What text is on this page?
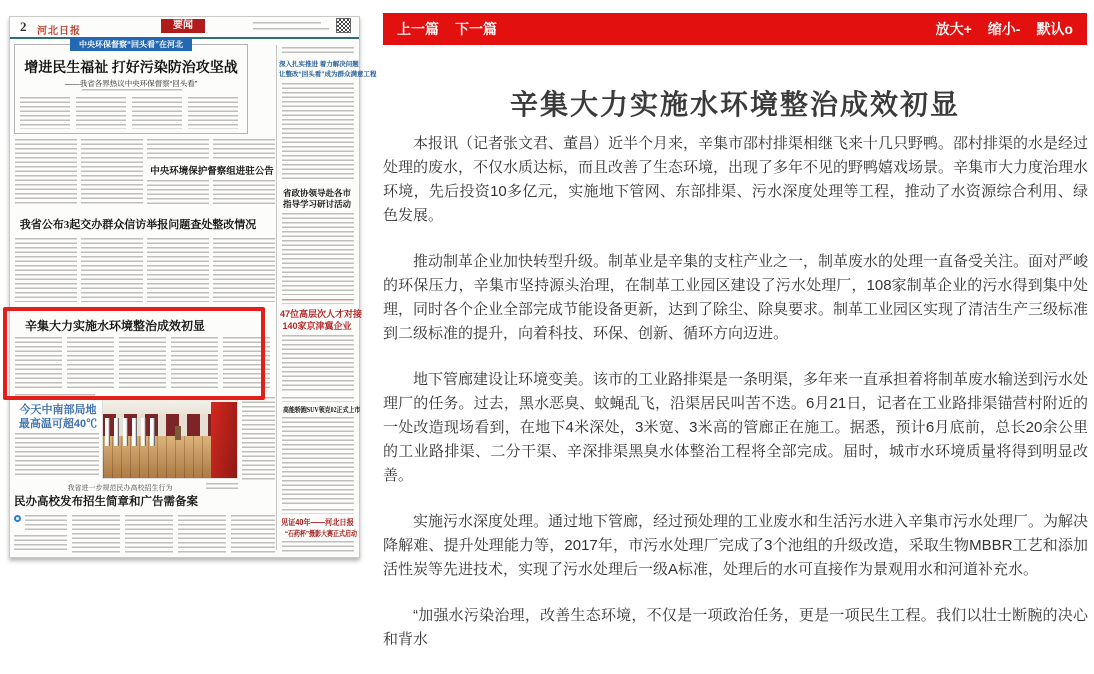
2 河北日报
要闻
中央环保督察“回头看”在河北
增进民生福祉 打好污染防治攻坚战
——我省各界热议中央环保督察“回头看”
中央环境保护督察组进驻公告
我省公布3起交办群众信访举报问题查处整改情况
辛集大力实施水环境整治成效初显
今天中南部局地
最高温可超40℃
我省进一步规范民办高校招生行为
民办高校发布招生简章和广告需备案
深入扎实推进 着力解决问题
让整改“回头看”成为群众满意工程
省政协领导赴各市
指导学习研讨活动
47位高层次人才对接
140家京津冀企业
高能轿跑SUV领克02正式上市
见证40年——河北日报
“石药杯”摄影大赛正式启动
上一篇 下一篇	放大+ 缩小- 默认o
辛集大力实施水环境整治成效初显

本报讯（记者张文君、董昌）近半个月来，辛集市邵村排渠相继飞来十几只野鸭。邵村排渠的水是经过处理的废水，不仅水质达标，而且改善了生态环境，出现了多年不见的野鸭嬉戏场景。辛集市大力度治理水环境，先后投资10多亿元，实施地下管网、东部排渠、污水深度处理等工程，推动了水资源综合利用、绿色发展。

推动制革企业加快转型升级。制革业是辛集的支柱产业之一，制革废水的处理一直备受关注。面对严峻的环保压力，辛集市坚持源头治理，在制革工业园区建设了污水处理厂，108家制革企业的污水得到集中处理，同时各个企业全部完成节能设备更新，达到了除尘、除臭要求。制革工业园区实现了清洁生产三级标准到二级标准的提升，向着科技、环保、创新、循环方向迈进。

地下管廊建设让环境变美。该市的工业路排渠是一条明渠，多年来一直承担着将制革废水输送到污水处理厂的任务。过去，黑水恶臭、蚊蝇乱飞，沿渠居民叫苦不迭。6月21日，记者在工业路排渠锚营村附近的一处改造现场看到，在地下4米深处，3米宽、3米高的管廊正在施工。据悉，预计6月底前，总长20余公里的工业路排渠、二分干渠、辛深排渠黑臭水体整治工程将全部完成。届时，城市水环境质量将得到明显改善。

实施污水深度处理。通过地下管廊，经过预处理的工业废水和生活污水进入辛集市污水处理厂。为解决降解难、提升处理能力等，2017年，市污水处理厂完成了3个池组的升级改造，采取生物MBBR工艺和添加活性炭等先进技术，实现了污水处理后一级A标准，处理后的水可直接作为景观用水和河道补充水。

“加强水污染治理，改善生态环境，不仅是一项政治任务，更是一项民生工程。我们以壮士断腕的决心和背水
